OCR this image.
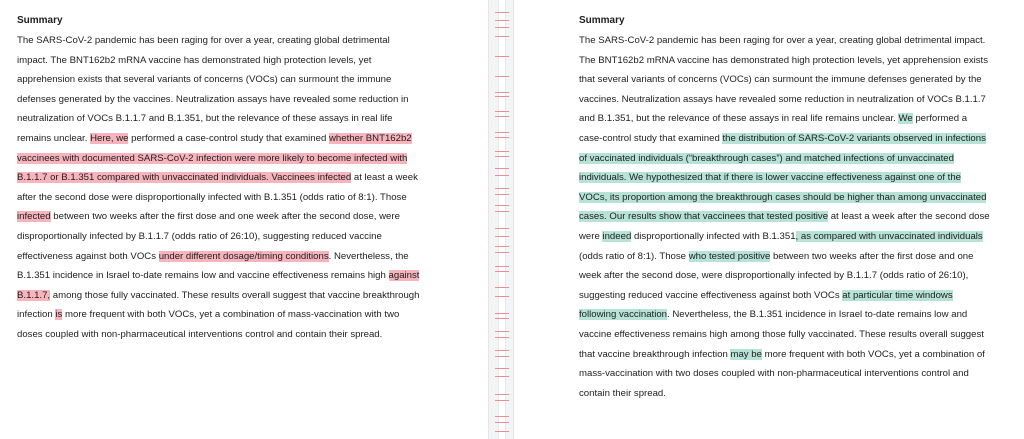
Summary

The SARS-CoV-2 pandemic has been raging for over a year, creating global detrimental impact. The BNT162b2 mRNA vaccine has demonstrated high protection levels, yet apprehension exists that several variants of concerns (VOCs) can surmount the immune defenses generated by the vaccines. Neutralization assays have revealed some reduction in neutralization of VOCs B.1.1.7 and B.1.351, but the relevance of these assays in real life remains unclear. Here, we performed a case-control study that examined whether BNT162b2 vaccinees with documented SARS-CoV-2 infection were more likely to become infected with B.1.1.7 or B.1.351 compared with unvaccinated individuals. Vaccinees infected at least a week after the second dose were disproportionally infected with B.1.351 (odds ratio of 8:1). Those infected between two weeks after the first dose and one week after the second dose, were disproportionally infected by B.1.1.7 (odds ratio of 26:10), suggesting reduced vaccine effectiveness against both VOCs under different dosage/timing conditions. Nevertheless, the B.1.351 incidence in Israel to-date remains low and vaccine effectiveness remains high against B.1.1.7, among those fully vaccinated. These results overall suggest that vaccine breakthrough infection is more frequent with both VOCs, yet a combination of mass-vaccination with two doses coupled with non-pharmaceutical interventions control and contain their spread.

Summary

The SARS-CoV-2 pandemic has been raging for over a year, creating global detrimental impact. The BNT162b2 mRNA vaccine has demonstrated high protection levels, yet apprehension exists that several variants of concerns (VOCs) can surmount the immune defenses generated by the vaccines. Neutralization assays have revealed some reduction in neutralization of VOCs B.1.1.7 and B.1.351, but the relevance of these assays in real life remains unclear. We performed a case-control study that examined the distribution of SARS-CoV-2 variants observed in infections of vaccinated individuals (“breakthrough cases”) and matched infections of unvaccinated individuals. We hypothesized that if there is lower vaccine effectiveness against one of the VOCs, its proportion among the breakthrough cases should be higher than among unvaccinated cases. Our results show that vaccinees that tested positive at least a week after the second dose were indeed disproportionally infected with B.1.351, as compared with unvaccinated individuals (odds ratio of 8:1). Those who tested positive between two weeks after the first dose and one week after the second dose, were disproportionally infected by B.1.1.7 (odds ratio of 26:10), suggesting reduced vaccine effectiveness against both VOCs at particular time windows following vaccination. Nevertheless, the B.1.351 incidence in Israel to-date remains low and vaccine effectiveness remains high among those fully vaccinated. These results overall suggest that vaccine breakthrough infection may be more frequent with both VOCs, yet a combination of mass-vaccination with two doses coupled with non-pharmaceutical interventions control and contain their spread.
